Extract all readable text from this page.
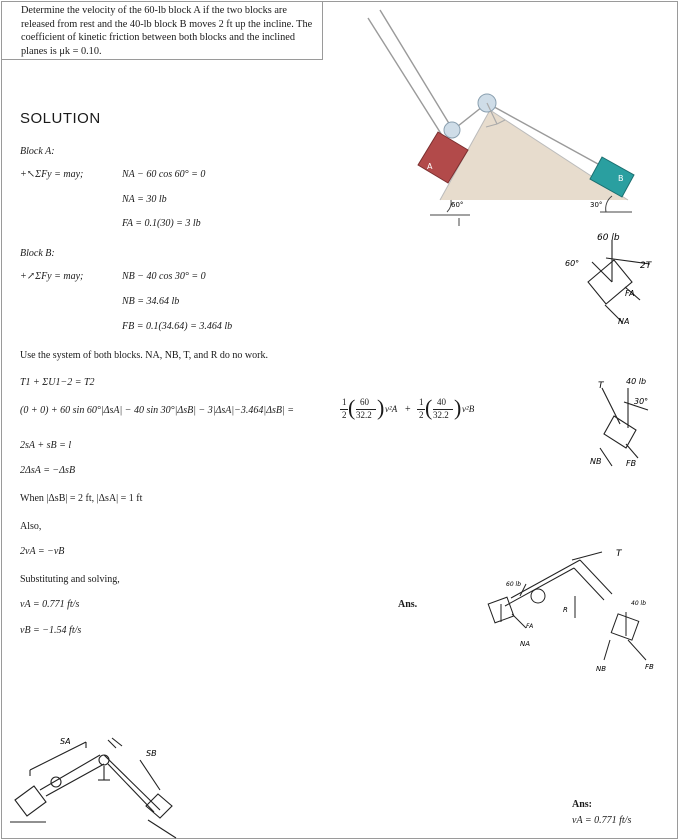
Determine the velocity of the 60-lb block A if the two blocks are released from rest and the 40-lb block B moves 2 ft up the incline. The coefficient of kinetic friction between both blocks and the inclined planes is μk = 0.10.
SOLUTION
Block A:
+↖ΣFy = may;	NA − 60 cos 60° = 0
NA = 30 lb
FA = 0.1(30) = 3 lb
Block B:
+↗ΣFy = may;	NB − 40 cos 30° = 0
NB = 34.64 lb
FB = 0.1(34.64) = 3.464 lb
Use the system of both blocks. NA, NB, T, and R do no work.
T1 + ΣU1−2 = T2
(0 + 0) + 60 sin 60°|ΔsA| − 40 sin 30°|ΔsB| − 3|ΔsA|−3.464|ΔsB| =
1
2 ( 60
32.2 ) v²A +
1
2 ( 40
32.2 ) v²B
2sA + sB = l
2ΔsA = −ΔsB
When |ΔsB| = 2 ft, |ΔsA| = 1 ft
Also,
2vA = −vB
Substituting and solving,
vA = 0.771 ft/s	Ans.
vB = −1.54 ft/s
A
B
60°	30°
60 lb
60°	2T
FA
NA
T	40 lb
30°
NB	FB
60 lb
T
FA
NA
R
40 lb
NB	FB
SA
SB
Ans:
vA = 0.771 ft/s
